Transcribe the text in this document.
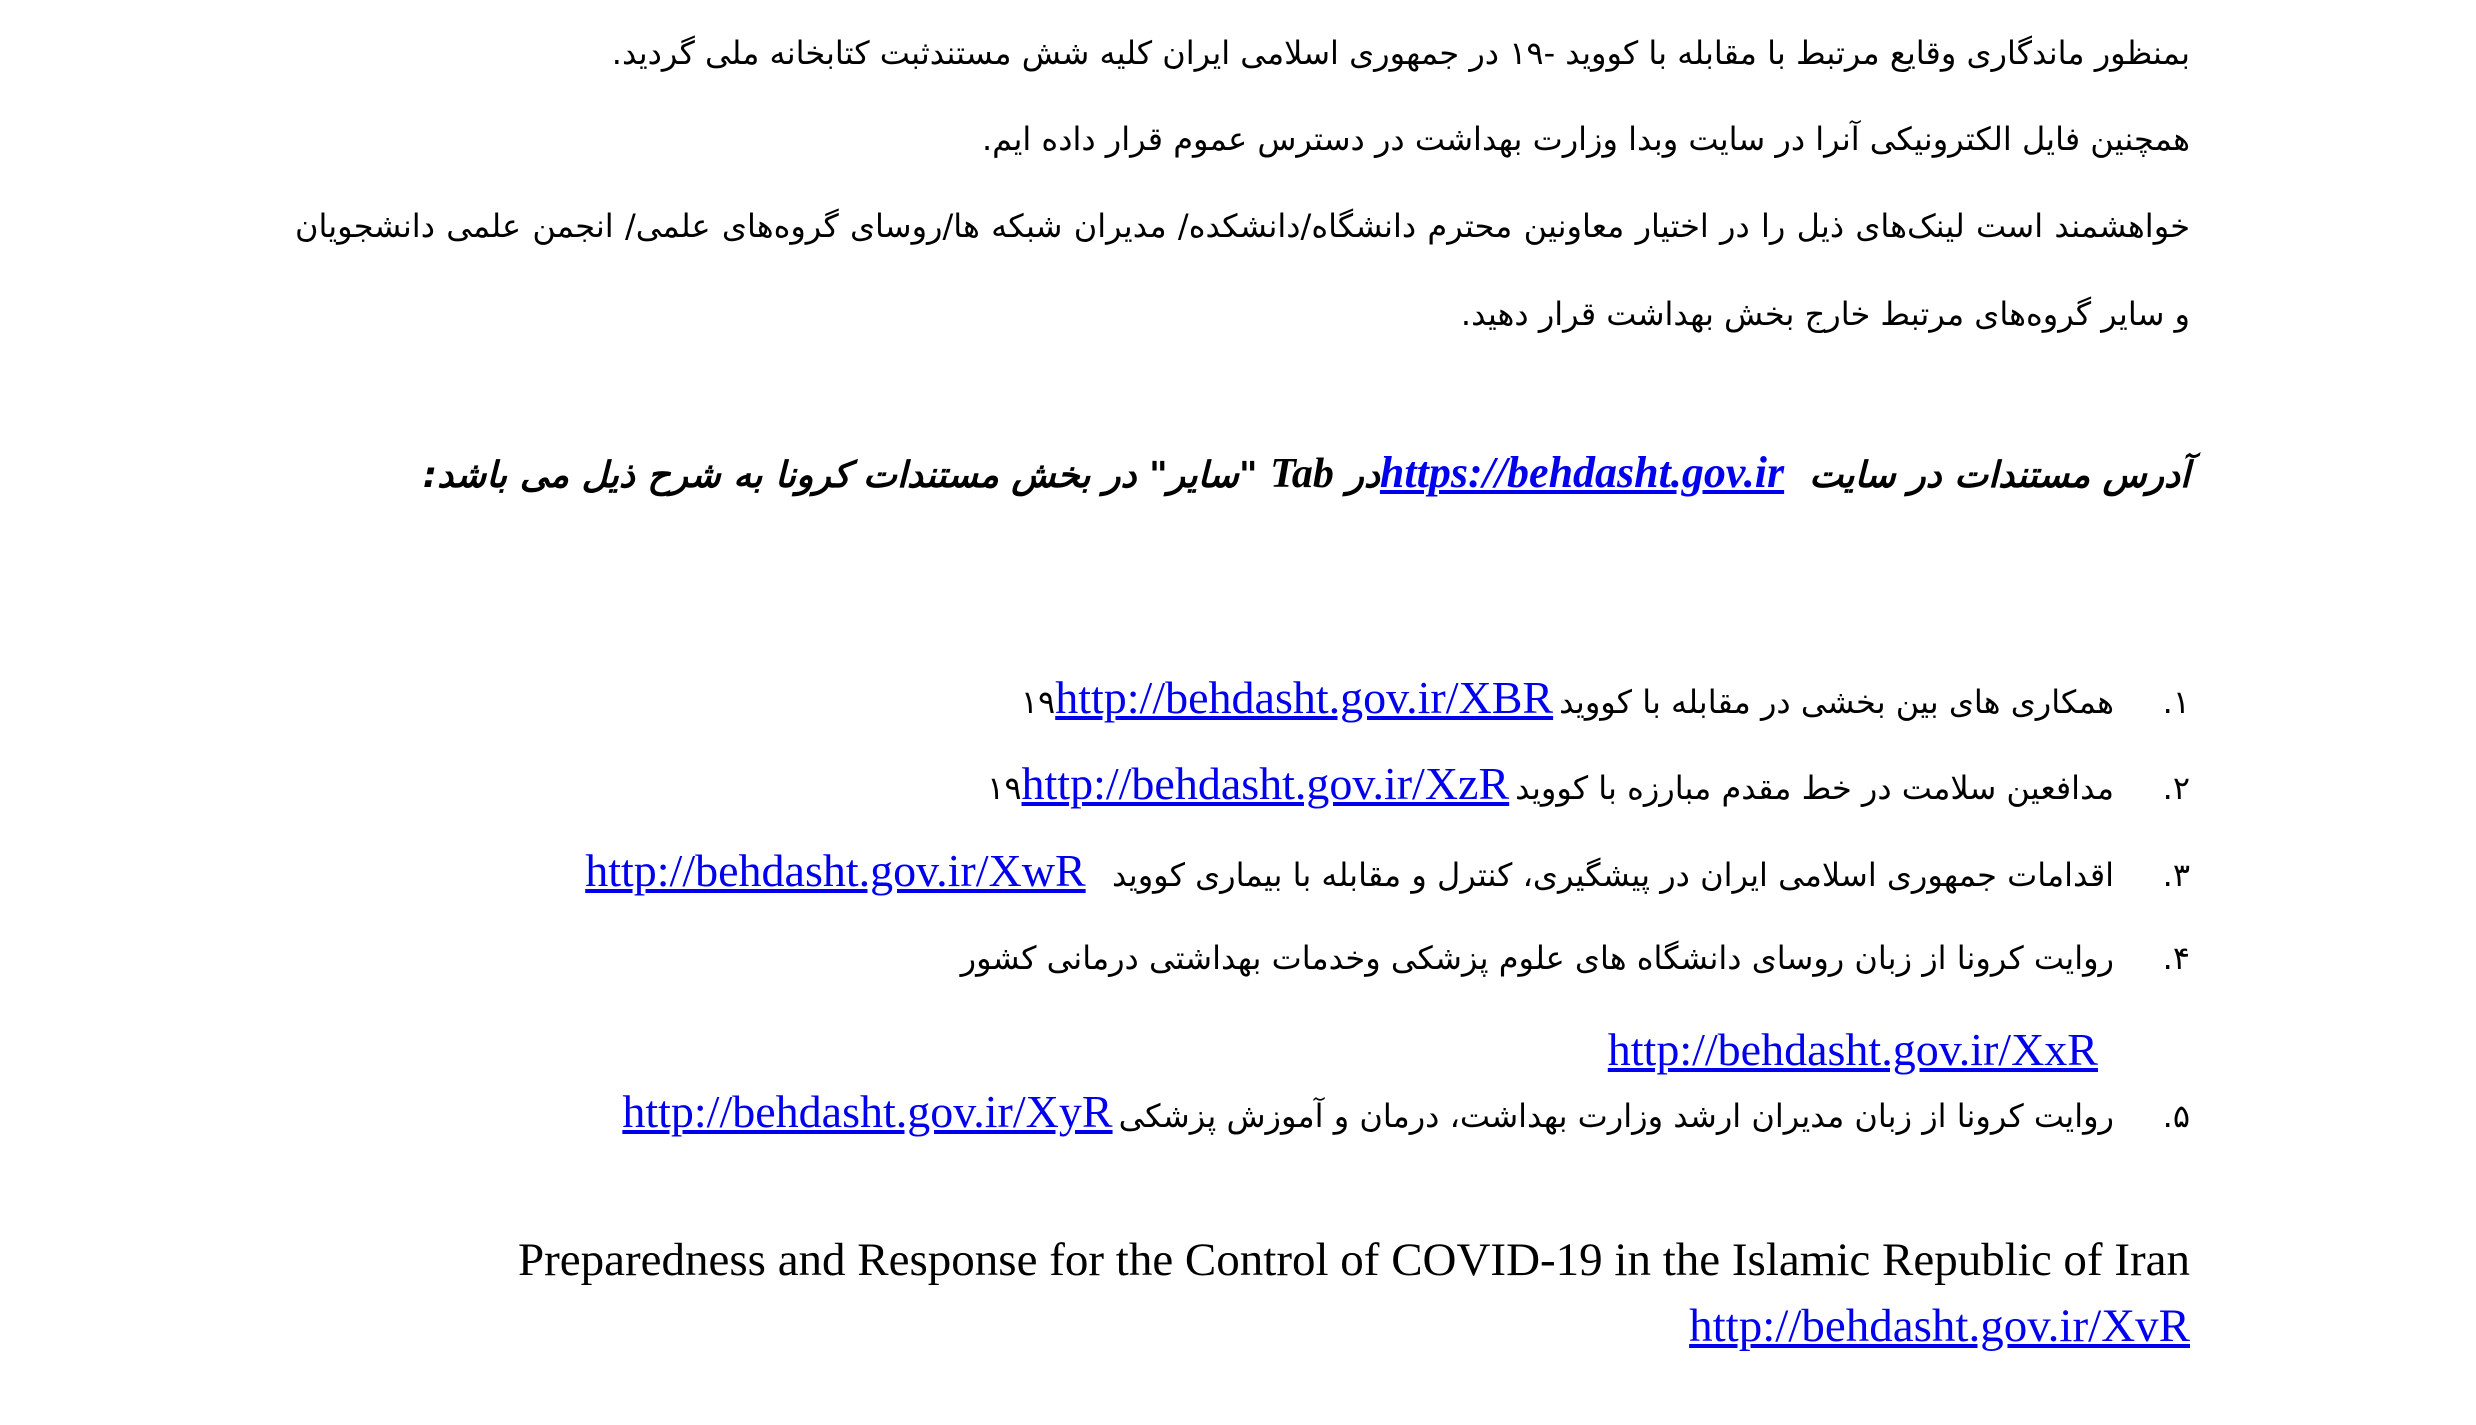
بمنظور ماندگاری وقایع مرتبط با مقابله با کووید -۱۹ در جمهوری اسلامی ایران کلیه شش مستندثبت کتابخانه ملی گردید.
همچنین فایل الکترونیکی آنرا در سایت وبدا وزارت بهداشت در دسترس عموم قرار داده ایم.
خواهشمند است لینک‌های ذیل را در اختیار معاونین محترم دانشگاه/دانشکده/ مدیران شبکه ها/روسای گروه‌های علمی/ انجمن علمی دانشجویان و سایر گروه‌های مرتبط خارج بخش بهداشت قرار دهید.
آدرس مستندات در سایت  https://behdasht.gov.irدر Tab "سایر" در بخش مستندات کرونا به شرح ذیل می باشد:
۱.همکاری های بین بخشی در مقابله با کووید۱۹http://behdasht.gov.ir/XBR
۲.مدافعین سلامت در خط مقدم مبارزه با کووید۱۹http://behdasht.gov.ir/XzR
۳.اقدامات جمهوری اسلامی ایران در پیشگیری، کنترل و مقابله با بیماری کووید  http://behdasht.gov.ir/XwR
۴.روایت کرونا از زبان روسای دانشگاه های علوم پزشکی وخدمات بهداشتی درمانی کشور
http://behdasht.gov.ir/XxR
۵.روایت کرونا از زبان مدیران ارشد وزارت بهداشت، درمان و آموزش پزشکیhttp://behdasht.gov.ir/XyR
Preparedness and Response for the Control of COVID-19 in the Islamic Republic of Iran
http://behdasht.gov.ir/XvR
